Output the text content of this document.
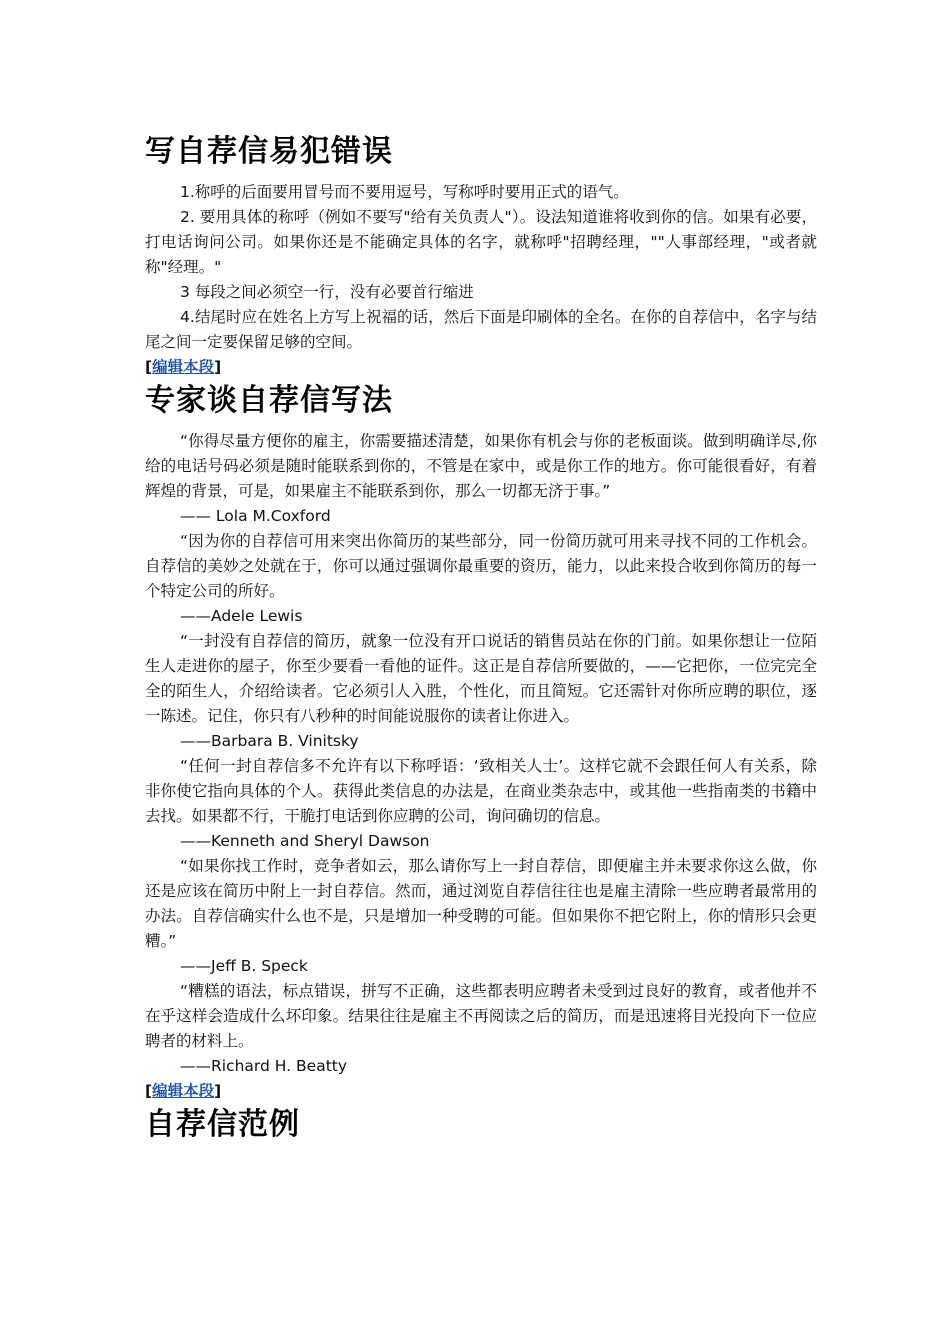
写自荐信易犯错误

1.称呼的后面要用冒号而不要用逗号，写称呼时要用正式的语气。

2. 要用具体的称呼（例如不要写"给有关负责人"）。设法知道谁将收到你的信。如果有必要，打电话询问公司。如果你还是不能确定具体的名字，就称呼"招聘经理，""人事部经理，"或者就称"经理。"

3 每段之间必须空一行，没有必要首行缩进

4.结尾时应在姓名上方写上祝福的话，然后下面是印刷体的全名。在你的自荐信中，名字与结尾之间一定要保留足够的空间。

[编辑本段]
专家谈自荐信写法

“你得尽量方便你的雇主，你需要描述清楚，如果你有机会与你的老板面谈。做到明确详尽,你给的电话号码必须是随时能联系到你的，不管是在家中，或是你工作的地方。你可能很看好，有着辉煌的背景，可是，如果雇主不能联系到你，那么一切都无济于事。”

—— Lola M.Coxford

“因为你的自荐信可用来突出你简历的某些部分，同一份简历就可用来寻找不同的工作机会。自荐信的美妙之处就在于，你可以通过强调你最重要的资历，能力，以此来投合收到你简历的每一个特定公司的所好。

——Adele Lewis

“一封没有自荐信的简历，就象一位没有开口说话的销售员站在你的门前。如果你想让一位陌生人走进你的屋子，你至少要看一看他的证件。这正是自荐信所要做的，——它把你，一位完完全全的陌生人，介绍给读者。它必须引人入胜，个性化，而且简短。它还需针对你所应聘的职位，逐一陈述。记住，你只有八秒种的时间能说服你的读者让你进入。

——Barbara B. Vinitsky

“任何一封自荐信多不允许有以下称呼语：‘致相关人士’。这样它就不会跟任何人有关系，除非你使它指向具体的个人。获得此类信息的办法是，在商业类杂志中，或其他一些指南类的书籍中去找。如果都不行，干脆打电话到你应聘的公司，询问确切的信息。

——Kenneth and Sheryl Dawson

“如果你找工作时，竞争者如云，那么请你写上一封自荐信，即便雇主并未要求你这么做，你还是应该在简历中附上一封自荐信。然而，通过浏览自荐信往往也是雇主清除一些应聘者最常用的办法。自荐信确实什么也不是，只是增加一种受聘的可能。但如果你不把它附上，你的情形只会更糟。”

——Jeff B. Speck

“糟糕的语法，标点错误，拼写不正确，这些都表明应聘者未受到过良好的教育，或者他并不在乎这样会造成什么坏印象。结果往往是雇主不再阅读之后的简历，而是迅速将目光投向下一位应聘者的材料上。

——Richard H. Beatty

[编辑本段]
自荐信范例
